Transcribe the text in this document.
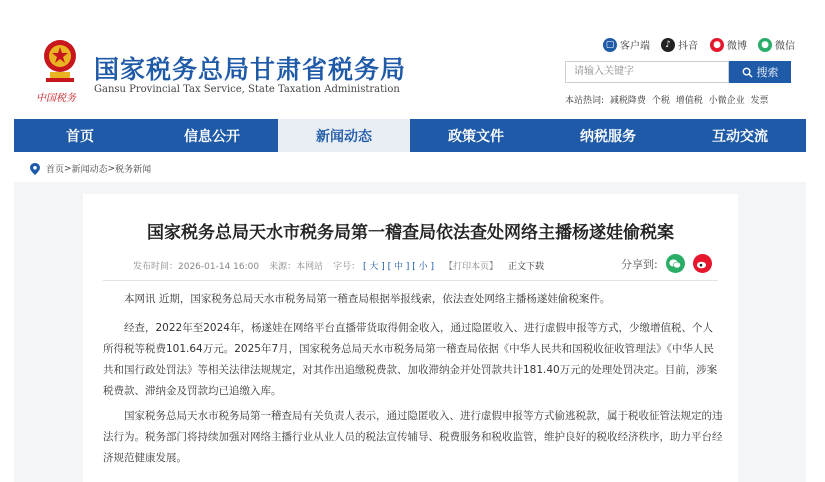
中国税务
国家税务总局甘肃省税务局
Gansu Provincial Tax Service, State Taxation Administration
▢ 客户端	♪ 抖音	● 微博	● 微信
请输入关键字	搜索
本站热词: 减税降费 个税 增值税 小微企业 发票
首页	信息公开	新闻动态	政策文件	纳税服务	互动交流
首页 > 新闻动态 > 税务新闻
国家税务总局天水市税务局第一稽查局依法查处网络主播杨遂娃偷税案
发布时间：2026-01-14 16:00 来源：本网站 字号： [ 大 ] [ 中 ] [ 小 ] 【打印本页】 正文下载	分享到:

本网讯 近期，国家税务总局天水市税务局第一稽查局根据举报线索，依法查处网络主播杨遂娃偷税案件。

经查，2022年至2024年，杨遂娃在网络平台直播带货取得佣金收入，通过隐匿收入、进行虚假申报等方式，少缴增值税、个人所得税等税费101.64万元。2025年7月，国家税务总局天水市税务局第一稽查局依据《中华人民共和国税收征收管理法》《中华人民共和国行政处罚法》等相关法律法规规定，对其作出追缴税费款、加收滞纳金并处罚款共计181.40万元的处理处罚决定。目前，涉案税费款、滞纳金及罚款均已追缴入库。

国家税务总局天水市税务局第一稽查局有关负责人表示，通过隐匿收入、进行虚假申报等方式偷逃税款，属于税收征管法规定的违法行为。税务部门将持续加强对网络主播行业从业人员的税法宣传辅导、税费服务和税收监管，维护良好的税收经济秩序，助力平台经济规范健康发展。
